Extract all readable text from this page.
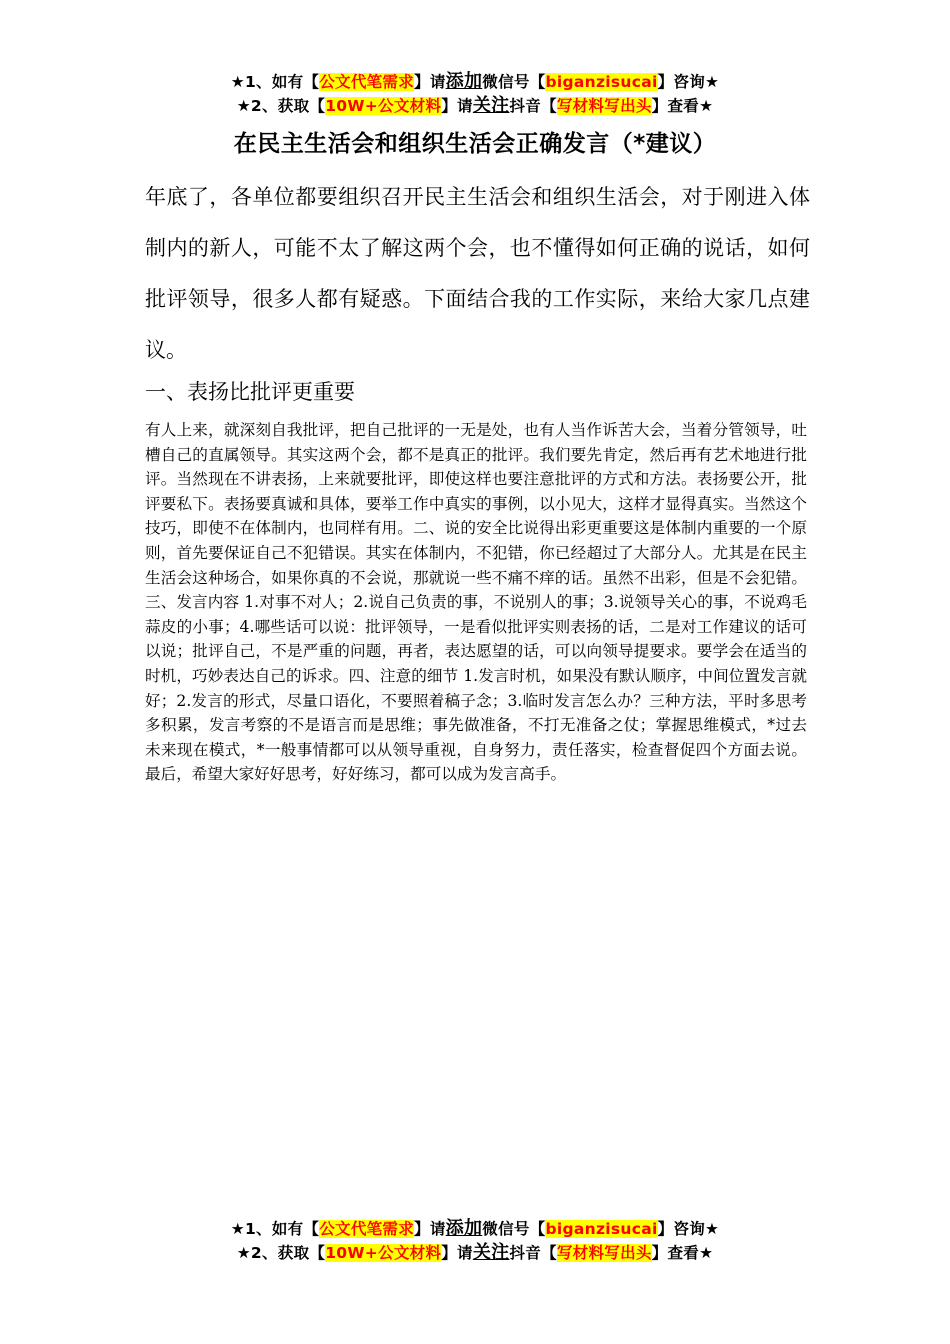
★1、如有【公文代笔需求】请添加微信号【biganzisucai】咨询★
★2、获取【10W+公文材料】请关注抖音【写材料写出头】查看★
在民主生活会和组织生活会正确发言（*建议）

年底了，各单位都要组织召开民主生活会和组织生活会，对于刚进入体制内的新人，可能不太了解这两个会，也不懂得如何正确的说话，如何批评领导，很多人都有疑惑。下面结合我的工作实际，来给大家几点建议。

一、表扬比批评更重要

有人上来，就深刻自我批评，把自己批评的一无是处，也有人当作诉苦大会，当着分管领导，吐槽自己的直属领导。其实这两个会，都不是真正的批评。我们要先肯定，然后再有艺术地进行批评。当然现在不讲表扬，上来就要批评，即使这样也要注意批评的方式和方法。表扬要公开，批评要私下。表扬要真诚和具体，要举工作中真实的事例，以小见大，这样才显得真实。当然这个技巧，即使不在体制内，也同样有用。二、说的安全比说得出彩更重要这是体制内重要的一个原则，首先要保证自己不犯错误。其实在体制内，不犯错，你已经超过了大部分人。尤其是在民主生活会这种场合，如果你真的不会说，那就说一些不痛不痒的话。虽然不出彩，但是不会犯错。三、发言内容 1.对事不对人；2.说自己负责的事，不说别人的事；3.说领导关心的事，不说鸡毛蒜皮的小事；4.哪些话可以说：批评领导，一是看似批评实则表扬的话，二是对工作建议的话可以说；批评自己，不是严重的问题，再者，表达愿望的话，可以向领导提要求。要学会在适当的时机，巧妙表达自己的诉求。四、注意的细节 1.发言时机，如果没有默认顺序，中间位置发言就好；2.发言的形式，尽量口语化，不要照着稿子念；3.临时发言怎么办？三种方法，平时多思考多积累，发言考察的不是语言而是思维；事先做准备，不打无准备之仗；掌握思维模式，*过去未来现在模式，*一般事情都可以从领导重视，自身努力，责任落实，检查督促四个方面去说。最后，希望大家好好思考，好好练习，都可以成为发言高手。

★1、如有【公文代笔需求】请添加微信号【biganzisucai】咨询★
★2、获取【10W+公文材料】请关注抖音【写材料写出头】查看★
